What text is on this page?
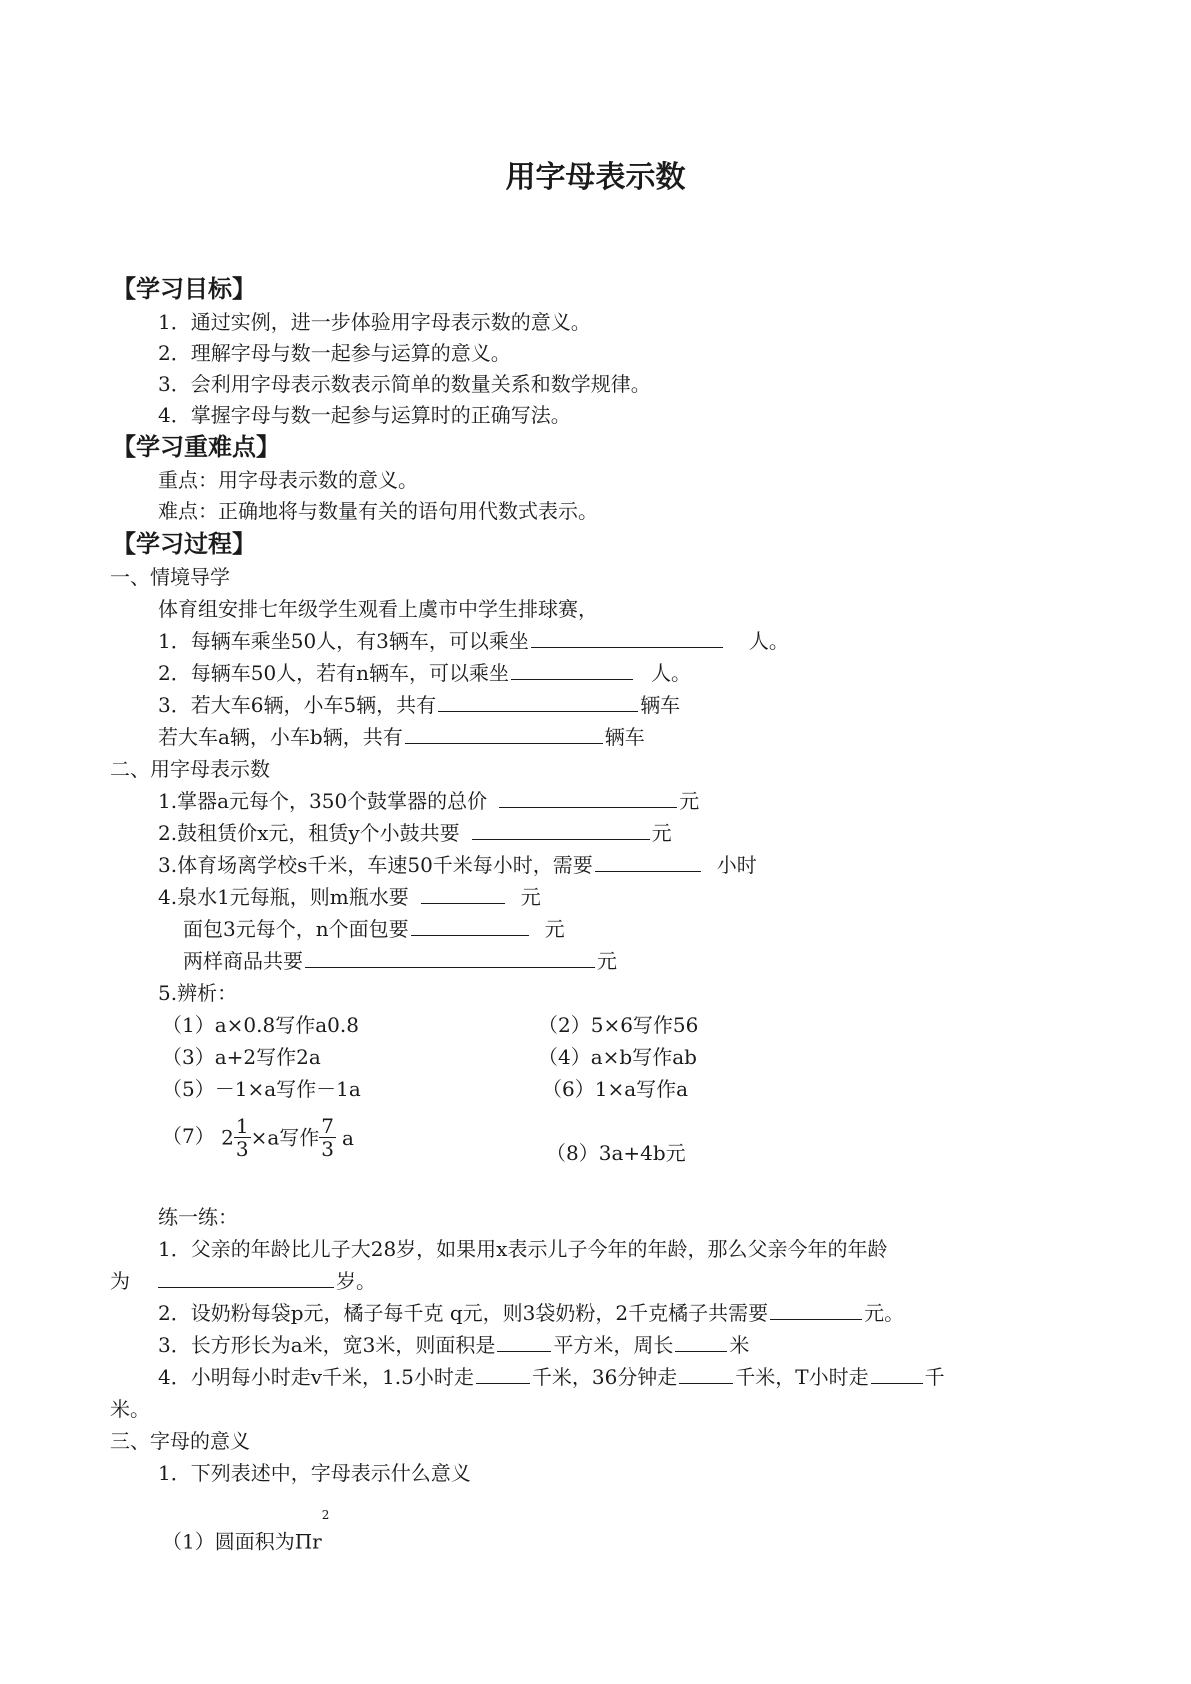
用字母表示数
【学习目标】
1．通过实例，进一步体验用字母表示数的意义。
2．理解字母与数一起参与运算的意义。
3．会利用字母表示数表示简单的数量关系和数学规律。
4．掌握字母与数一起参与运算时的正确写法。
【学习重难点】
重点：用字母表示数的意义。
难点：正确地将与数量有关的语句用代数式表示。
【学习过程】
一、情境导学
体育组安排七年级学生观看上虞市中学生排球赛，
1．每辆车乘坐50人，有3辆车，可以乘坐	人。
2．每辆车50人，若有n辆车，可以乘坐	人。
3．若大车6辆，小车5辆，共有	辆车
若大车a辆，小车b辆，共有	辆车
二、用字母表示数
1.掌器a元每个，350个鼓掌器的总价	元
2.鼓租赁价x元，租赁y个小鼓共要	元
3.体育场离学校s千米，车速50千米每小时，需要	小时
4.泉水1元每瓶，则m瓶水要	元
面包3元每个，n个面包要	元
两样商品共要	元
5.辨析：
（1）a×0.8写作a0.8	（2）5×6写作56
（3）a+2写作2a	（4）a×b写作ab
（5）－1×a写作－1a	（6）1×a写作a
（7） $2 \frac{1}{3} \times a$写作 $\frac{7}{3}$ a
（8）3a+4b元
练一练：
1．父亲的年龄比儿子大28岁，如果用x表示儿子今年的年龄，那么父亲今年的年龄
为	岁。
2．设奶粉每袋p元，橘子每千克 q元，则3袋奶粉，2千克橘子共需要	元。
3．长方形长为a米，宽3米，则面积是	平方米，周长	米
4．小明每小时走v千米，1.5小时走	千米，36分钟走	千米，T小时走	千
米。
三、字母的意义
1．下列表述中，字母表示什么意义
（1）圆面积为$\Pi r^2$
